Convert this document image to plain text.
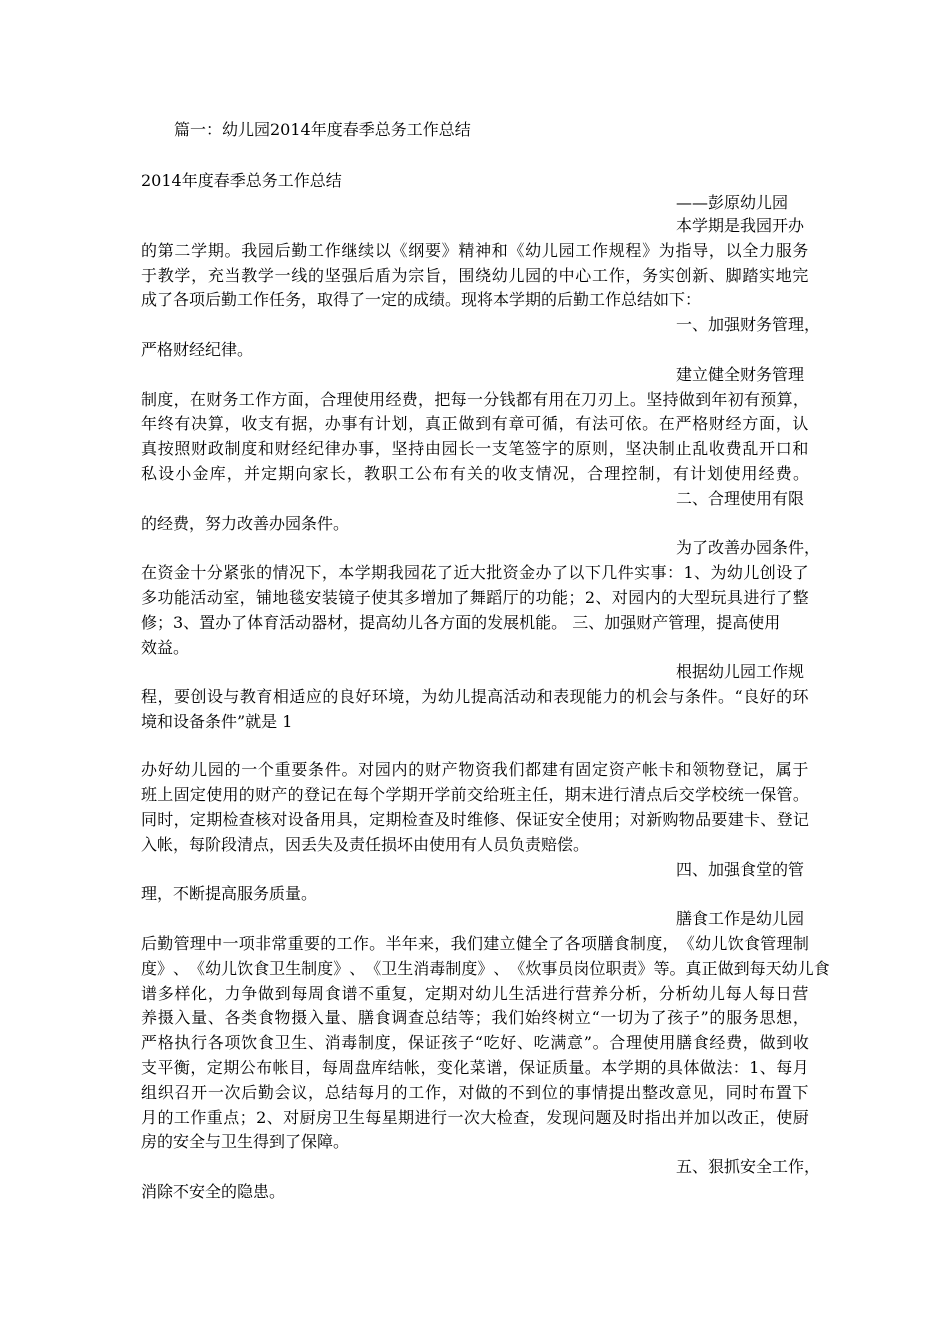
篇一：幼儿园2014年度春季总务工作总结
2014年度春季总务工作总结
——彭原幼儿园
本学期是我园开办
的 第 二 学 期 。 我 园 后 勤 工 作 继 续 以 《 纲 要 》 精 神 和 《 幼 儿 园 工 作 规 程 》 为 指 导 ， 以 全 力 服 务
于 教 学 ， 充 当 教 学 一 线 的 坚 强 后 盾 为 宗 旨 ， 围 绕 幼 儿 园 的 中 心 工 作 ， 务 实 创 新 、 脚 踏 实 地 完
成了各项后勤工作任务，取得了一定的成绩。现将本学期的后勤工作总结如下：
一、加强财务管理，
严格财经纪律。
建立健全财务管理
制 度 ， 在 财 务 工 作 方 面 ， 合 理 使 用 经 费 ， 把 每 一 分 钱 都 有 用 在 刀 刃 上 。 坚 持 做 到 年 初 有 预 算 ，
年 终 有 决 算 ， 收 支 有 据 ， 办 事 有 计 划 ， 真 正 做 到 有 章 可 循 ， 有 法 可 依 。 在 严 格 财 经 方 面 ， 认
真 按 照 财 政 制 度 和 财 经 纪 律 办 事 ， 坚 持 由 园 长 一 支 笔 签 字 的 原 则 ， 坚 决 制 止 乱 收 费 乱 开 口 和
私 设 小 金 库 ， 并 定 期 向 家 长 ， 教 职 工 公 布 有 关 的 收 支 情 况 ， 合 理 控 制 ， 有 计 划 使 用 经 费 。
二、合理使用有限
的经费，努力改善办园条件。
为了改善办园条件，
在 资 金 十 分 紧 张 的 情 况 下 ， 本 学 期 我 园 花 了 近 大 批 资 金 办 了 以 下 几 件 实 事 ： 1 、 为 幼 儿 创 设 了
多 功 能 活 动 室 ， 铺 地 毯 安 装 镜 子 使 其 多 增 加 了 舞 蹈 厅 的 功 能 ； 2 、 对 园 内 的 大 型 玩 具 进 行 了 整
修；3、置办了体育活动器材，提高幼儿各方面的发展机能。 三、加强财产管理，提高使用
效益。
根据幼儿园工作规
程 ， 要 创 设 与 教 育 相 适 应 的 良 好 环 境 ， 为 幼 儿 提 高 活 动 和 表 现 能 力 的 机 会 与 条 件 。 “ 良 好 的 环
境和设备条件”就是 1
办 好 幼 儿 园 的 一 个 重 要 条 件 。 对 园 内 的 财 产 物 资 我 们 都 建 有 固 定 资 产 帐 卡 和 领 物 登 记 ， 属 于
班 上 固 定 使 用 的 财 产 的 登 记 在 每 个 学 期 开 学 前 交 给 班 主 任 ， 期 末 进 行 清 点 后 交 学 校 统 一 保 管 。
同 时 ， 定 期 检 查 核 对 设 备 用 具 ， 定 期 检 查 及 时 维 修 、 保 证 安 全 使 用 ； 对 新 购 物 品 要 建 卡 、 登 记
入帐，每阶段清点，因丢失及责任损坏由使用有人员负责赔偿。
四、加强食堂的管
理，不断提高服务质量。
膳食工作是幼儿园
后 勤 管 理 中 一 项 非 常 重 要 的 工 作 。 半 年 来 ， 我 们 建 立 健 全 了 各 项 膳 食 制 度 ， 《 幼 儿 饮 食 管 理 制
度 》 、 《 幼 儿 饮 食 卫 生 制 度 》 、 《 卫 生 消 毒 制 度 》 、 《 炊 事 员 岗 位 职 责 》 等 。 真 正 做 到 每 天 幼 儿 食
谱 多 样 化 ， 力 争 做 到 每 周 食 谱 不 重 复 ， 定 期 对 幼 儿 生 活 进 行 营 养 分 析 ， 分 析 幼 儿 每 人 每 日 营
养 摄 入 量 、 各 类 食 物 摄 入 量 、 膳 食 调 查 总 结 等 ； 我 们 始 终 树 立 “ 一 切 为 了 孩 子 ” 的 服 务 思 想 ，
严 格 执 行 各 项 饮 食 卫 生 、 消 毒 制 度 ， 保 证 孩 子 “ 吃 好 、 吃 满 意 ” 。 合 理 使 用 膳 食 经 费 ， 做 到 收
支 平 衡 ， 定 期 公 布 帐 目 ， 每 周 盘 库 结 帐 ， 变 化 菜 谱 ， 保 证 质 量 。 本 学 期 的 具 体 做 法 ： 1 、 每 月
组 织 召 开 一 次 后 勤 会 议 ， 总 结 每 月 的 工 作 ， 对 做 的 不 到 位 的 事 情 提 出 整 改 意 见 ， 同 时 布 置 下
月 的 工 作 重 点 ； 2 、 对 厨 房 卫 生 每 星 期 进 行 一 次 大 检 查 ， 发 现 问 题 及 时 指 出 并 加 以 改 正 ， 使 厨
房的安全与卫生得到了保障。
五、狠抓安全工作，
消除不安全的隐患。
